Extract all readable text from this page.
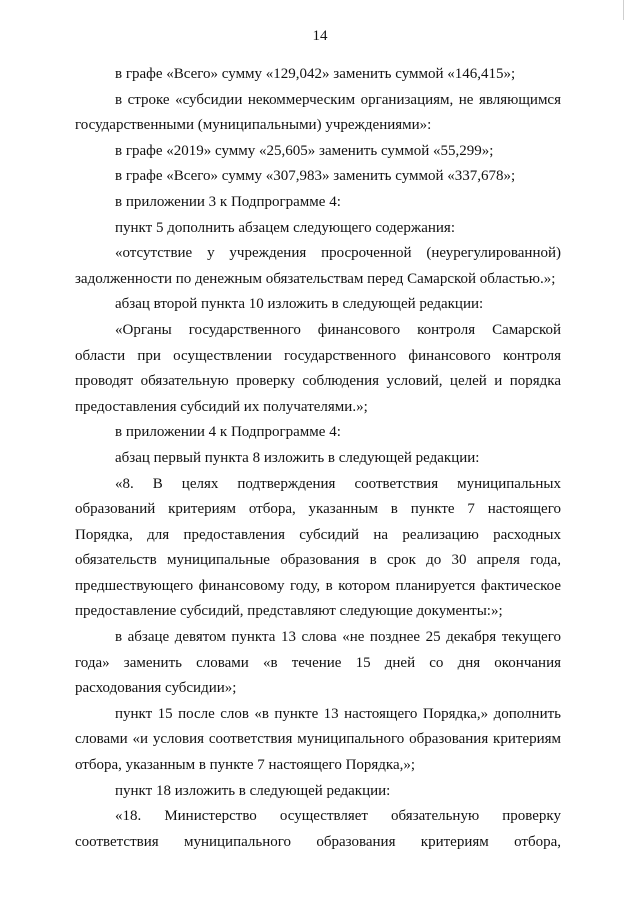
14
в графе «Всего» сумму «129,042» заменить суммой «146,415»;
в строке «субсидии некоммерческим организациям, не являющимся
государственными (муниципальными) учреждениями»:
в графе «2019» сумму «25,605» заменить суммой «55,299»;
в графе «Всего» сумму «307,983» заменить суммой «337,678»;
в приложении 3 к Подпрограмме 4:
пункт 5 дополнить абзацем следующего содержания:
«отсутствие у учреждения просроченной (неурегулированной)
задолженности по денежным обязательствам перед Самарской областью.»;
абзац второй пункта 10 изложить в следующей редакции:
«Органы государственного финансового контроля Самарской
области при осуществлении государственного финансового контроля
проводят обязательную проверку соблюдения условий, целей и порядка
предоставления субсидий их получателями.»;
в приложении 4 к Подпрограмме 4:
абзац первый пункта 8 изложить в следующей редакции:
«8. В целях подтверждения соответствия муниципальных
образований критериям отбора, указанным в пункте 7 настоящего
Порядка, для предоставления субсидий на реализацию расходных
обязательств муниципальные образования в срок до 30 апреля года,
предшествующего финансовому году, в котором планируется фактическое
предоставление субсидий, представляют следующие документы:»;
в абзаце девятом пункта 13 слова «не позднее 25 декабря текущего
года» заменить словами «в течение 15 дней со дня окончания
расходования субсидии»;
пункт 15 после слов «в пункте 13 настоящего Порядка,» дополнить
словами «и условия соответствия муниципального образования критериям
отбора, указанным в пункте 7 настоящего Порядка,»;
пункт 18 изложить в следующей редакции:
«18. Министерство осуществляет обязательную проверку
соответствия муниципального образования критериям отбора,
